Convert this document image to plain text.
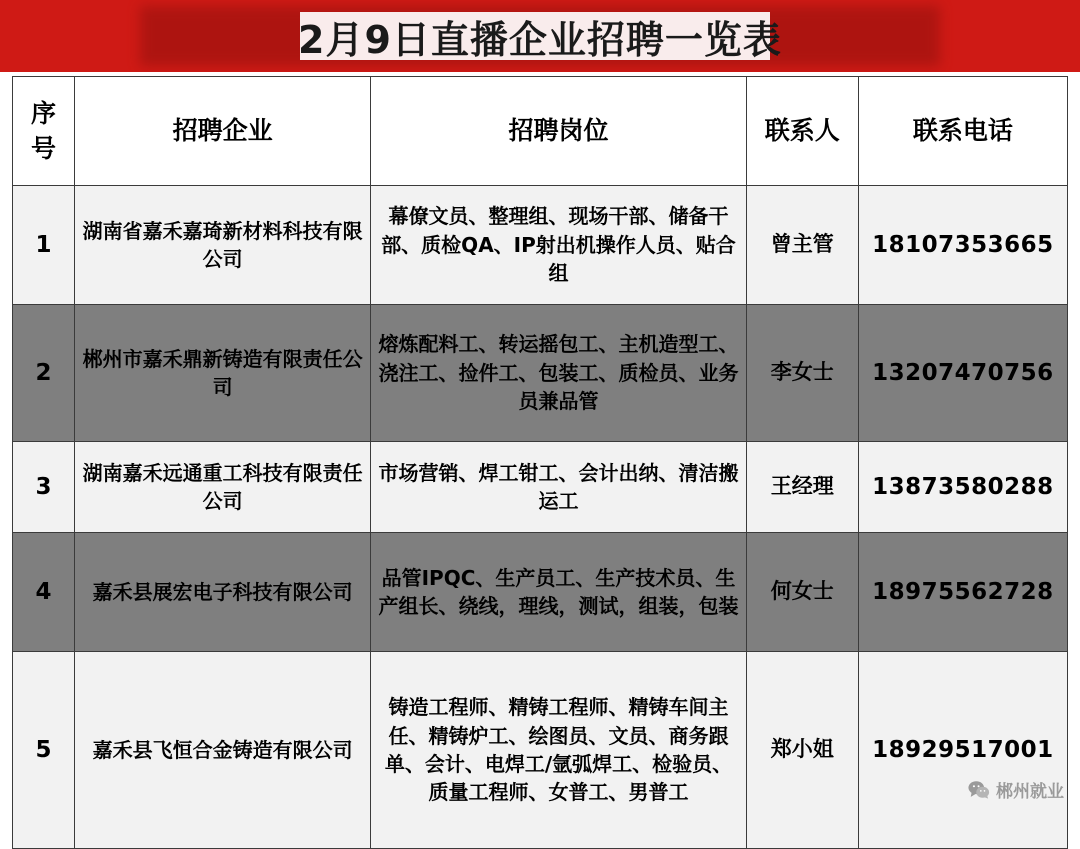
2月9日直播企业招聘一览表
序号	招聘企业	招聘岗位	联系人	联系电话
1	湖南省嘉禾嘉琦新材料科技有限公司	幕僚文员、整理组、现场干部、储备干部、质检QA、IP射出机操作人员、贴合组	曾主管	18107353665
2	郴州市嘉禾鼎新铸造有限责任公司	熔炼配料工、转运摇包工、主机造型工、浇注工、捡件工、包装工、质检员、业务员兼品管	李女士	13207470756
3	湖南嘉禾远通重工科技有限责任公司	市场营销、焊工钳工、会计出纳、清洁搬运工	王经理	13873580288
4	嘉禾县展宏电子科技有限公司	品管IPQC、生产员工、生产技术员、生产组长、绕线，理线，测试，组装，包装	何女士	18975562728
5	嘉禾县飞恒合金铸造有限公司	铸造工程师、精铸工程师、精铸车间主任、精铸炉工、绘图员、文员、商务跟单、会计、电焊工/氩弧焊工、检验员、质量工程师、女普工、男普工	郑小姐	18929517001
郴州就业
